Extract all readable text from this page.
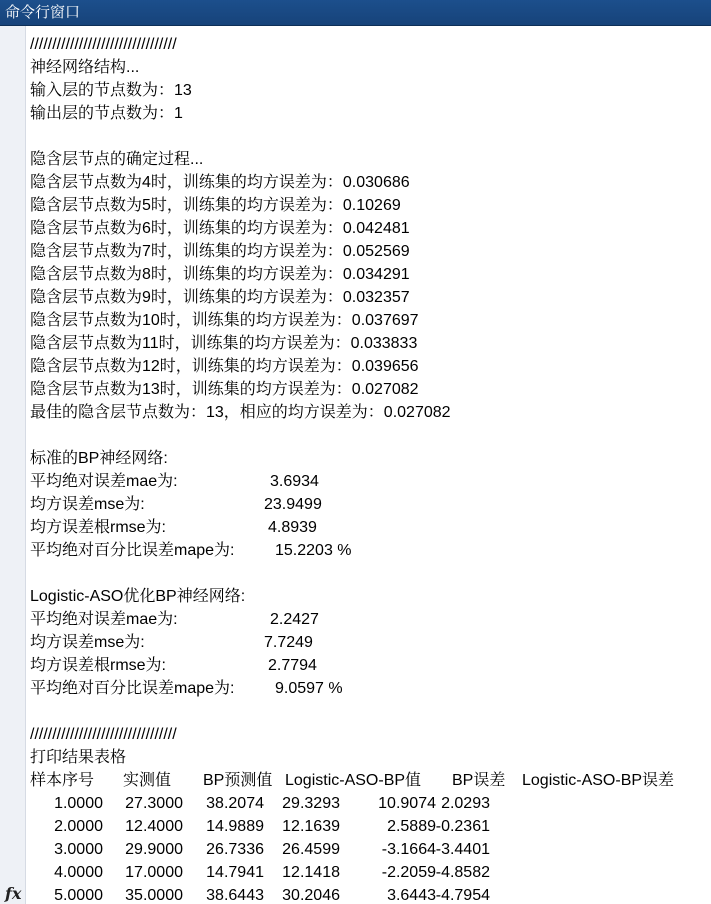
命令行窗口
fx
/////////////////////////////////
神经网络结构...
输入层的节点数为：13
输出层的节点数为：1
隐含层节点的确定过程...
隐含层节点数为4时，训练集的均方误差为：0.030686
隐含层节点数为5时，训练集的均方误差为：0.10269
隐含层节点数为6时，训练集的均方误差为：0.042481
隐含层节点数为7时，训练集的均方误差为：0.052569
隐含层节点数为8时，训练集的均方误差为：0.034291
隐含层节点数为9时，训练集的均方误差为：0.032357
隐含层节点数为10时，训练集的均方误差为：0.037697
隐含层节点数为11时，训练集的均方误差为：0.033833
隐含层节点数为12时，训练集的均方误差为：0.039656
隐含层节点数为13时，训练集的均方误差为：0.027082
最佳的隐含层节点数为：13，相应的均方误差为：0.027082
标准的BP神经网络:
平均绝对误差mae为:	3.6934
均方误差mse为:	23.9499
均方误差根rmse为:	4.8939
平均绝对百分比误差mape为:	15.2203 %
Logistic-ASO优化BP神经网络:
平均绝对误差mae为:	2.2427
均方误差mse为:	7.7249
均方误差根rmse为:	2.7794
平均绝对百分比误差mape为:	9.0597 %
/////////////////////////////////
打印结果表格
样本序号 实测值 BP预测值 Logistic-ASO-BP值 BP误差 Logistic-ASO-BP误差
1.0000 27.3000 38.2074 29.3293 10.9074 2.0293
2.0000 12.4000 14.9889 12.1639	2.5889 -0.2361
3.0000 29.9000 26.7336 26.4599	-3.1664 -3.4401
4.0000 17.0000 14.7941 12.1418	-2.2059 -4.8582
5.0000 35.0000 38.6443 30.2046	3.6443 -4.7954
